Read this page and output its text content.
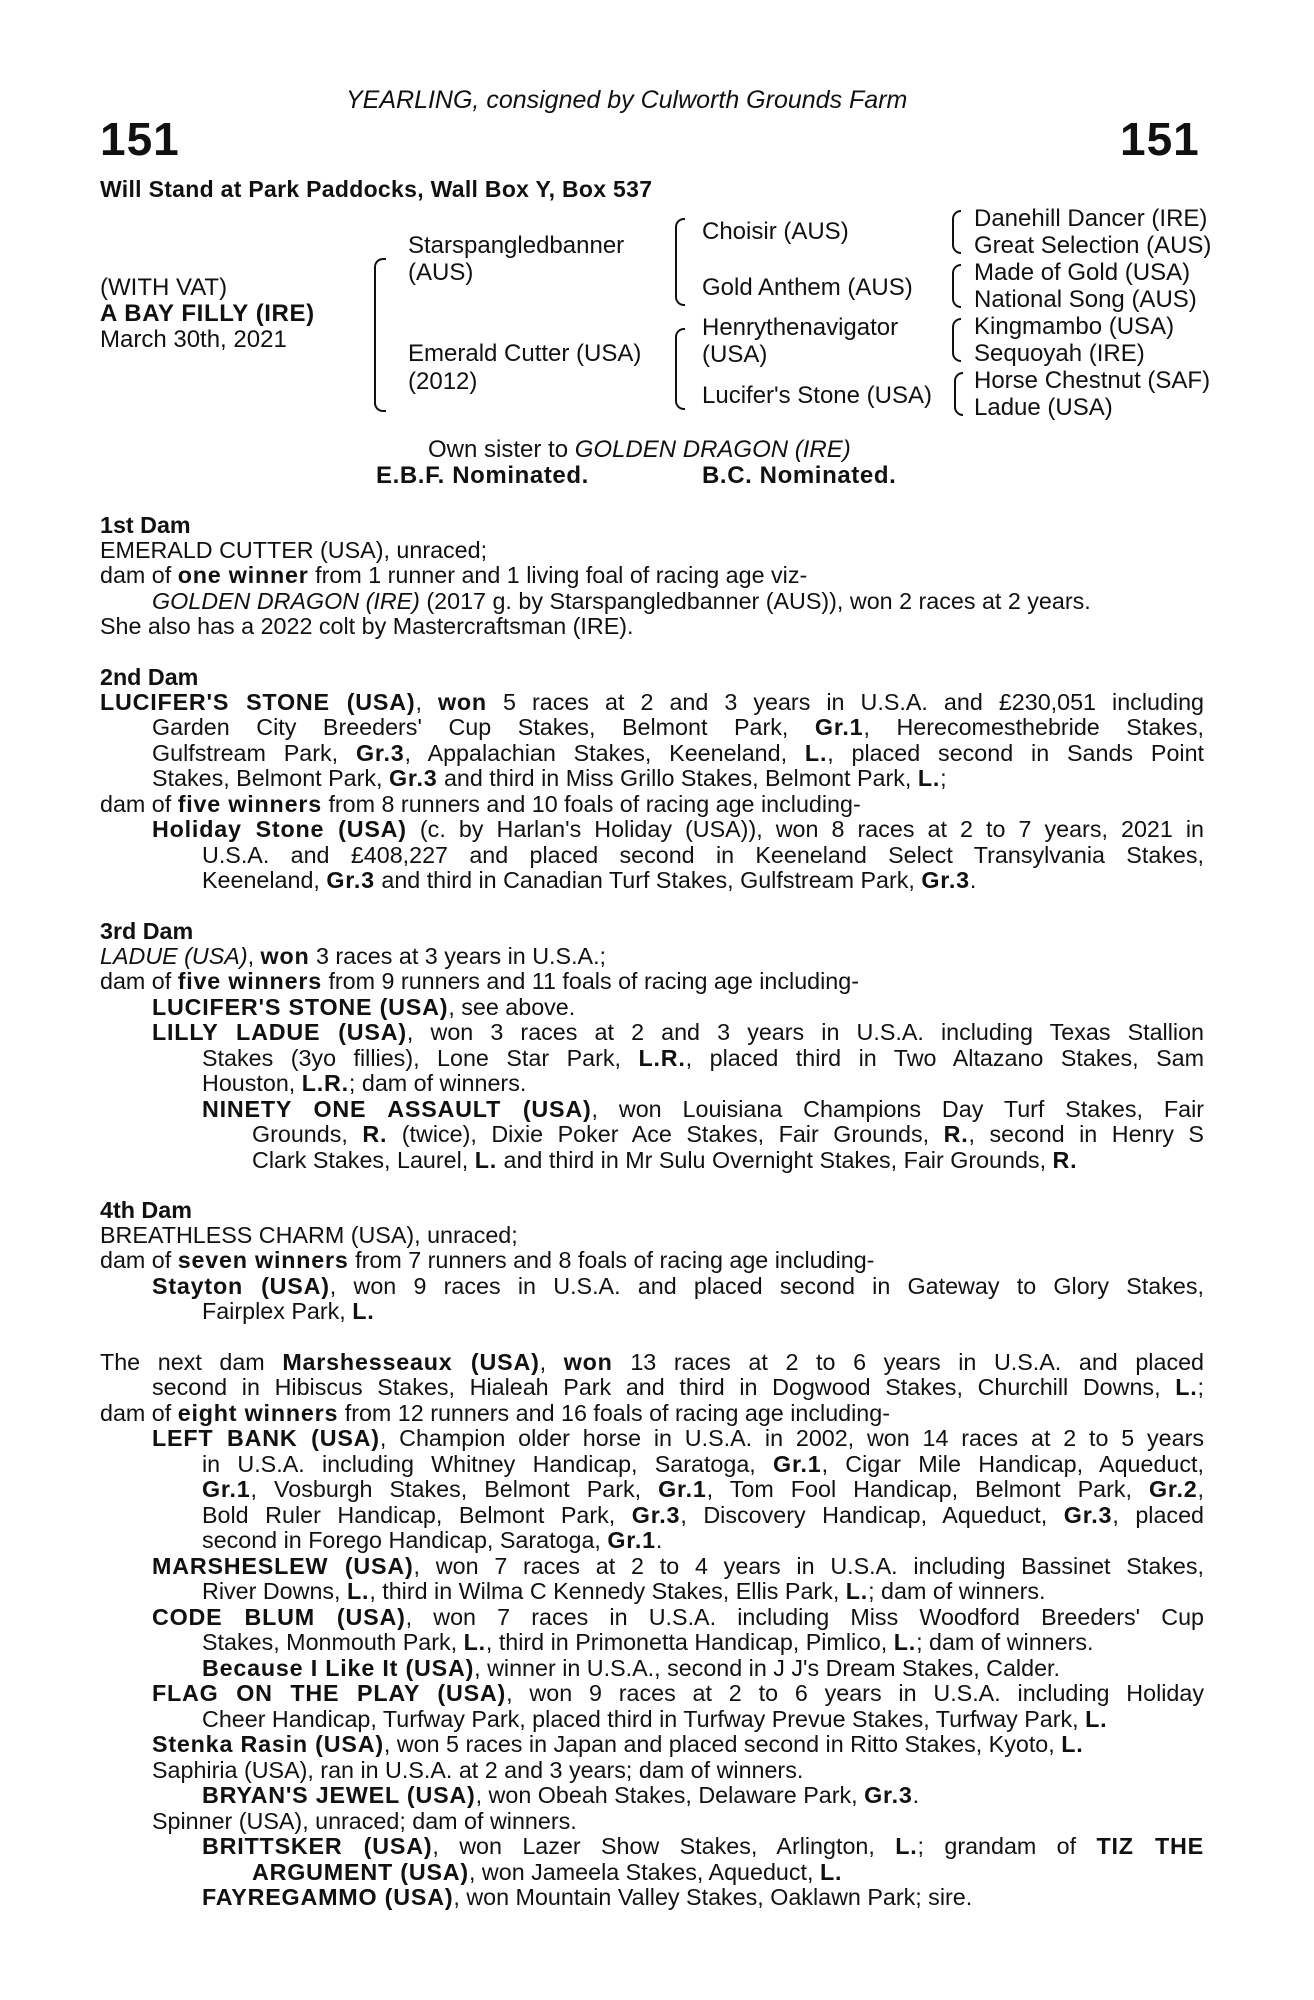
YEARLING, consigned by Culworth Grounds Farm
151	151
Will Stand at Park Paddocks, Wall Box Y, Box 537
(WITH VAT)
A BAY FILLY (IRE)
March 30th, 2021
Starspangledbanner
(AUS)
Emerald Cutter (USA)
(2012)
Choisir (AUS)
Gold Anthem (AUS)
Henrythenavigator
(USA)
Lucifer's Stone (USA)
Danehill Dancer (IRE)
Great Selection (AUS)
Made of Gold (USA)
National Song (AUS)
Kingmambo (USA)
Sequoyah (IRE)
Horse Chestnut (SAF)
Ladue (USA)
Own sister to GOLDEN DRAGON (IRE)
E.B.F. Nominated.	B.C. Nominated.
1st Dam
EMERALD CUTTER (USA), unraced;
dam of one winner from 1 runner and 1 living foal of racing age viz-
GOLDEN DRAGON (IRE) (2017 g. by Starspangledbanner (AUS)), won 2 races at 2 years.
She also has a 2022 colt by Mastercraftsman (IRE).
2nd Dam
LUCIFER'S STONE (USA), won 5 races at 2 and 3 years in U.S.A. and £230,051 including
Garden City Breeders' Cup Stakes, Belmont Park, Gr.1, Herecomesthebride Stakes,
Gulfstream Park, Gr.3, Appalachian Stakes, Keeneland, L., placed second in Sands Point
Stakes, Belmont Park, Gr.3 and third in Miss Grillo Stakes, Belmont Park, L.;
dam of five winners from 8 runners and 10 foals of racing age including-
Holiday Stone (USA) (c. by Harlan's Holiday (USA)), won 8 races at 2 to 7 years, 2021 in
U.S.A. and £408,227 and placed second in Keeneland Select Transylvania Stakes,
Keeneland, Gr.3 and third in Canadian Turf Stakes, Gulfstream Park, Gr.3.
3rd Dam
LADUE (USA), won 3 races at 3 years in U.S.A.;
dam of five winners from 9 runners and 11 foals of racing age including-
LUCIFER'S STONE (USA), see above.
LILLY LADUE (USA), won 3 races at 2 and 3 years in U.S.A. including Texas Stallion
Stakes (3yo fillies), Lone Star Park, L.R., placed third in Two Altazano Stakes, Sam
Houston, L.R.; dam of winners.
NINETY ONE ASSAULT (USA), won Louisiana Champions Day Turf Stakes, Fair
Grounds, R. (twice), Dixie Poker Ace Stakes, Fair Grounds, R., second in Henry S
Clark Stakes, Laurel, L. and third in Mr Sulu Overnight Stakes, Fair Grounds, R.
4th Dam
BREATHLESS CHARM (USA), unraced;
dam of seven winners from 7 runners and 8 foals of racing age including-
Stayton (USA), won 9 races in U.S.A. and placed second in Gateway to Glory Stakes,
Fairplex Park, L.
The next dam Marshesseaux (USA), won 13 races at 2 to 6 years in U.S.A. and placed
second in Hibiscus Stakes, Hialeah Park and third in Dogwood Stakes, Churchill Downs, L.;
dam of eight winners from 12 runners and 16 foals of racing age including-
LEFT BANK (USA), Champion older horse in U.S.A. in 2002, won 14 races at 2 to 5 years
in U.S.A. including Whitney Handicap, Saratoga, Gr.1, Cigar Mile Handicap, Aqueduct,
Gr.1, Vosburgh Stakes, Belmont Park, Gr.1, Tom Fool Handicap, Belmont Park, Gr.2,
Bold Ruler Handicap, Belmont Park, Gr.3, Discovery Handicap, Aqueduct, Gr.3, placed
second in Forego Handicap, Saratoga, Gr.1.
MARSHESLEW (USA), won 7 races at 2 to 4 years in U.S.A. including Bassinet Stakes,
River Downs, L., third in Wilma C Kennedy Stakes, Ellis Park, L.; dam of winners.
CODE BLUM (USA), won 7 races in U.S.A. including Miss Woodford Breeders' Cup
Stakes, Monmouth Park, L., third in Primonetta Handicap, Pimlico, L.; dam of winners.
Because I Like It (USA), winner in U.S.A., second in J J's Dream Stakes, Calder.
FLAG ON THE PLAY (USA), won 9 races at 2 to 6 years in U.S.A. including Holiday
Cheer Handicap, Turfway Park, placed third in Turfway Prevue Stakes, Turfway Park, L.
Stenka Rasin (USA), won 5 races in Japan and placed second in Ritto Stakes, Kyoto, L.
Saphiria (USA), ran in U.S.A. at 2 and 3 years; dam of winners.
BRYAN'S JEWEL (USA), won Obeah Stakes, Delaware Park, Gr.3.
Spinner (USA), unraced; dam of winners.
BRITTSKER (USA), won Lazer Show Stakes, Arlington, L.; grandam of TIZ THE
ARGUMENT (USA), won Jameela Stakes, Aqueduct, L.
FAYREGAMMO (USA), won Mountain Valley Stakes, Oaklawn Park; sire.
